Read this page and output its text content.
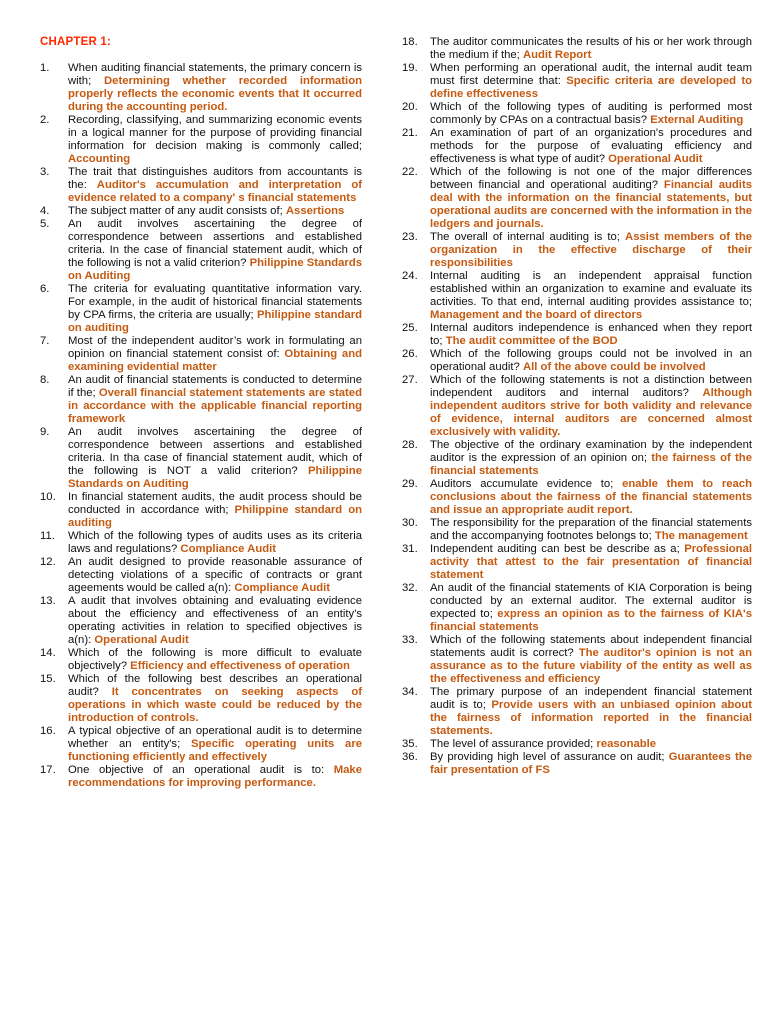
CHAPTER 1:

1. When auditing financial statements, the primary concern is with; Determining whether recorded information properly reflects the economic events that It occurred during the accounting period.

2. Recording, classifying, and summarizing economic events in a logical manner for the purpose of providing financial information for decision making is commonly called; Accounting

3. The trait that distinguishes auditors from accountants is the: Auditor's accumulation and interpretation of evidence related to a company' s financial statements

4. The subject matter of any audit consists of; Assertions

5. An audit involves ascertaining the degree of correspondence between assertions and established criteria. In the case of financial statement audit, which of the following is not a valid criterion? Philippine Standards on Auditing

6. The criteria for evaluating quantitative information vary. For example, in the audit of historical financial statements by CPA firms, the criteria are usually; Philippine standard on auditing

7. Most of the independent auditor’s work in formulating an opinion on financial statement consist of: Obtaining and examining evidential matter

8. An audit of financial statements is conducted to determine if the; Overall financial statement statements are stated in accordance with the applicable financial reporting framework

9. An audit involves ascertaining the degree of correspondence between assertions and established criteria. In tha case of financial statement audit, which of the following is NOT a valid criterion? Philippine Standards on Auditing

10. In financial statement audits, the audit process should be conducted in accordance with; Philippine standard on auditing

11. Which of the following types of audits uses as its criteria laws and regulations? Compliance Audit

12. An audit designed to provide reasonable assurance of detecting violations of a specific of contracts or grant ageements would be called a(n): Compliance Audit

13. A audit that involves obtaining and evaluating evidence about the efficiency and effectiveness of an entity's operating activities in relation to specified objectives is a(n): Operational Audit

14. Which of the following is more difficult to evaluate objectively? Efficiency and effectiveness of operation

15. Which of the following best describes an operational audit? It concentrates on seeking aspects of operations in which waste could be reduced by the introduction of controls.

16. A typical objective of an operational audit is to determine whether an entity's; Specific operating units are functioning efficiently and effectively

17. One objective of an operational audit is to: Make recommendations for improving performance.

18. The auditor communicates the results of his or her work through the medium if the; Audit Report

19. When performing an operational audit, the internal audit team must first determine that: Specific criteria are developed to define effectiveness

20. Which of the following types of auditing is performed most commonly by CPAs on a contractual basis? External Auditing

21. An examination of part of an organization's procedures and methods for the purpose of evaluating efficiency and effectiveness is what type of audit? Operational Audit

22. Which of the following is not one of the major differences between financial and operational auditing? Financial audits deal with the information on the financial statements, but operational audits are concerned with the information in the ledgers and journals.

23. The overall of internal auditing is to; Assist members of the organization in the effective discharge of their responsibilities

24. Internal auditing is an independent appraisal function established within an organization to examine and evaluate its activities. To that end, internal auditing provides assistance to; Management and the board of directors

25. Internal auditors independence is enhanced when they report to; The audit committee of the BOD

26. Which of the following groups could not be involved in an operational audit? All of the above could be involved

27. Which of the following statements is not a distinction between independent auditors and internal auditors? Although independent auditors strive for both validity and relevance of evidence, internal auditors are concerned almost exclusively with validity.

28. The objective of the ordinary examination by the independent auditor is the expression of an opinion on; the fairness of the financial statements

29. Auditors accumulate evidence to; enable them to reach conclusions about the fairness of the financial statements and issue an appropriate audit report.

30. The responsibility for the preparation of the financial statements and the accompanying footnotes belongs to; The management

31. Independent auditing can best be describe as a; Professional activity that attest to the fair presentation of financial statement

32. An audit of the financial statements of KIA Corporation is being conducted by an external auditor. The external auditor is expected to; express an opinion as to the fairness of KIA's financial statements

33. Which of the following statements about independent financial statements audit is correct? The auditor's opinion is not an assurance as to the future viability of the entity as well as the effectiveness and efficiency

34. The primary purpose of an independent financial statement audit is to; Provide users with an unbiased opinion about the fairness of information reported in the financial statements.

35. The level of assurance provided; reasonable

36. By providing high level of assurance on audit; Guarantees the fair presentation of FS
